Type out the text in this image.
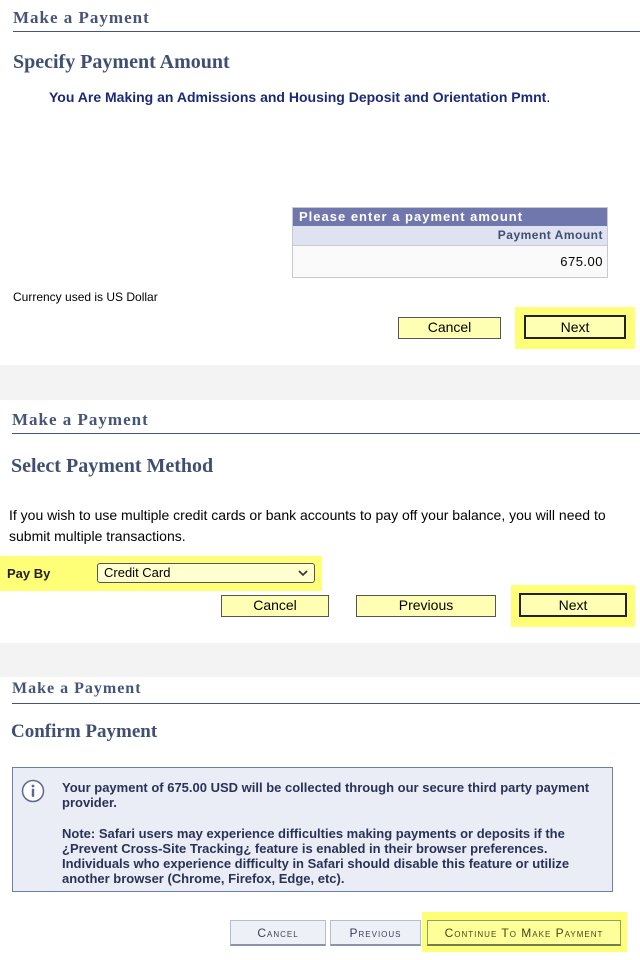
Make a Payment
Specify Payment Amount
You Are Making an Admissions and Housing Deposit and Orientation Pmnt.
Please enter a payment amount
Payment Amount
675.00
Currency used is US Dollar
Cancel	Next
Make a Payment
Select Payment Method
If you wish to use multiple credit cards or bank accounts to pay off your balance, you will need to submit multiple transactions.
Pay By	Credit Card
Cancel	Previous	Next
Make a Payment
Confirm Payment
Your payment of 675.00 USD will be collected through our secure third party payment provider.
Note: Safari users may experience difficulties making payments or deposits if the ¿Prevent Cross-Site Tracking¿ feature is enabled in their browser preferences. Individuals who experience difficulty in Safari should disable this feature or utilize another browser (Chrome, Firefox, Edge, etc).
Cancel	Previous	Continue To Make Payment
